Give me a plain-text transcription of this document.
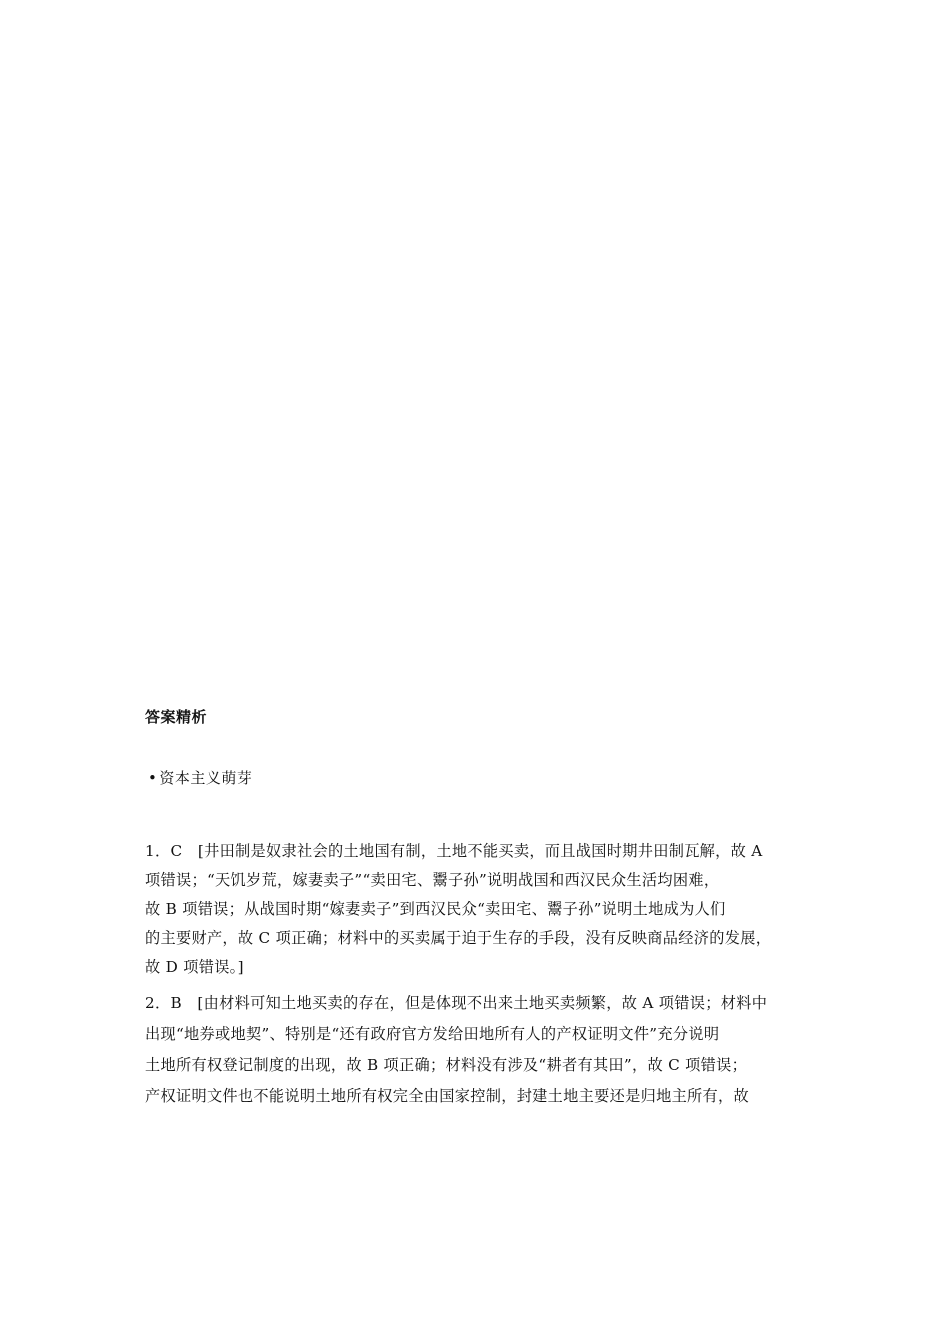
答案精析
• 资本主义萌芽

1．C　[井田制是奴隶社会的土地国有制，土地不能买卖，而且战国时期井田制瓦解，故 A

项错误；“天饥岁荒，嫁妻卖子”“卖田宅、鬻子孙”说明战国和西汉民众生活均困难，

故 B 项错误；从战国时期“嫁妻卖子”到西汉民众“卖田宅、鬻子孙”说明土地成为人们

的主要财产，故 C 项正确；材料中的买卖属于迫于生存的手段，没有反映商品经济的发展，

故 D 项错误。]

2．B　[由材料可知土地买卖的存在，但是体现不出来土地买卖频繁，故 A 项错误；材料中

出现“地券或地契”、特别是“还有政府官方发给田地所有人的产权证明文件”充分说明

土地所有权登记制度的出现，故 B 项正确；材料没有涉及“耕者有其田”，故 C 项错误；

产权证明文件也不能说明土地所有权完全由国家控制，封建土地主要还是归地主所有，故
